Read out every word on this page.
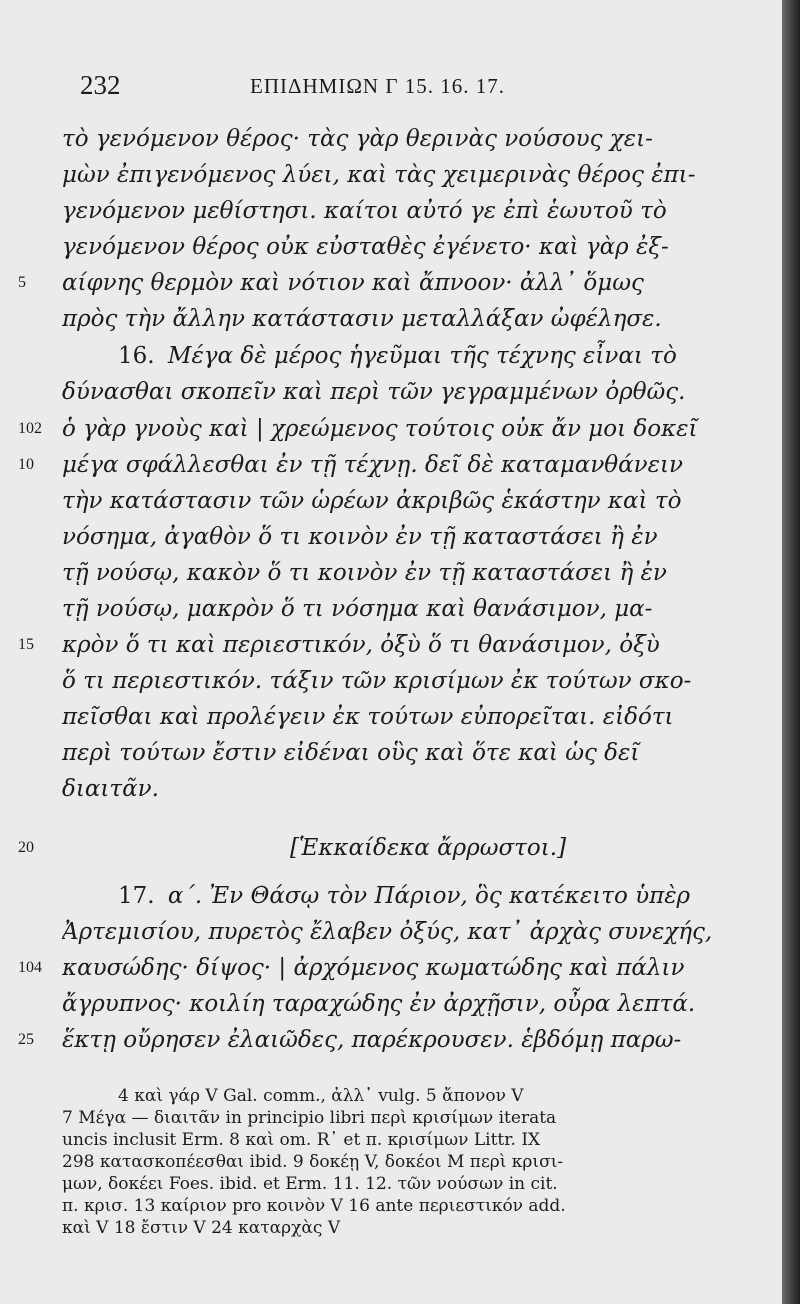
232	ΕΠΙΔΗΜΙΩΝ Γ 15. 16. 17.
τὸ γενόμενον θέρος· τὰς γὰρ θερινὰς νούσους χει-
μὼν ἐπιγενόμενος λύει, καὶ τὰς χειμερινὰς θέρος ἐπι-
γενόμενον μεθίστησι. καίτοι αὐτό γε ἐπὶ ἑωυτοῦ τὸ
γενόμενον θέρος οὐκ εὐσταθὲς ἐγένετο· καὶ γὰρ ἐξ-
5	αίφνης θερμὸν καὶ νότιον καὶ ἄπνοον· ἀλλ᾽ ὅμως
πρὸς τὴν ἄλλην κατάστασιν μεταλλάξαν ὠφέλησε.
16. Μέγα δὲ μέρος ἡγεῦμαι τῆς τέχνης εἶναι τὸ
δύνασθαι σκοπεῖν καὶ περὶ τῶν γεγραμμένων ὀρθῶς.
102 ὁ γὰρ γνοὺς καὶ | χρεώμενος τούτοις οὐκ ἄν μοι δοκεῖ
10	μέγα σφάλλεσθαι ἐν τῇ τέχνῃ. δεῖ δὲ καταμανθάνειν
τὴν κατάστασιν τῶν ὡρέων ἀκριβῶς ἑκάστην καὶ τὸ
νόσημα, ἀγαθὸν ὅ τι κοινὸν ἐν τῇ καταστάσει ἢ ἐν
τῇ νούσῳ, κακὸν ὅ τι κοινὸν ἐν τῇ καταστάσει ἢ ἐν
τῇ νούσῳ, μακρὸν ὅ τι νόσημα καὶ θανάσιμον, μα-
15	κρὸν ὅ τι καὶ περιεστικόν, ὀξὺ ὅ τι θανάσιμον, ὀξὺ
ὅ τι περιεστικόν. τάξιν τῶν κρισίμων ἐκ τούτων σκο-
πεῖσθαι καὶ προλέγειν ἐκ τούτων εὐπορεῖται. εἰδότι
περὶ τούτων ἔστιν εἰδέναι οὓς καὶ ὅτε καὶ ὡς δεῖ
διαιτᾶν.
20	[Ἑκκαίδεκα ἄρρωστοι.]
17. α΄. Ἐν Θάσῳ τὸν Πάριον, ὃς κατέκειτο ὑπὲρ
Ἀρτεμισίου, πυρετὸς ἔλαβεν ὀξύς, κατ᾽ ἀρχὰς συνεχής,
104 καυσώδης· δίψος· | ἀρχόμενος κωματώδης καὶ πάλιν
ἄγρυπνος· κοιλίη ταραχώδης ἐν ἀρχῇσιν, οὖρα λεπτά.
25	ἕκτῃ οὔρησεν ἐλαιῶδες, παρέκρουσεν. ἑβδόμῃ παρω-
4 καὶ γάρ V Gal. comm., ἀλλ᾽ vulg. 5 ἄπονον V
7 Μέγα — διαιτᾶν in principio libri περὶ κρισίμων iterata
uncis inclusit Erm. 8 καὶ om. R᾽ et π. κρισίμων Littr. IX
298 κατασκοπέεσθαι ibid. 9 δοκέῃ V, δοκέοι M περὶ κρισι-
μων, δοκέει Foes. ibid. et Erm. 11. 12. τῶν νούσων in cit.
π. κρισ. 13 καίριον pro κοινὸν V 16 ante περιεστικόν add.
καὶ V 18 ἔστιν V 24 καταρχὰς V
